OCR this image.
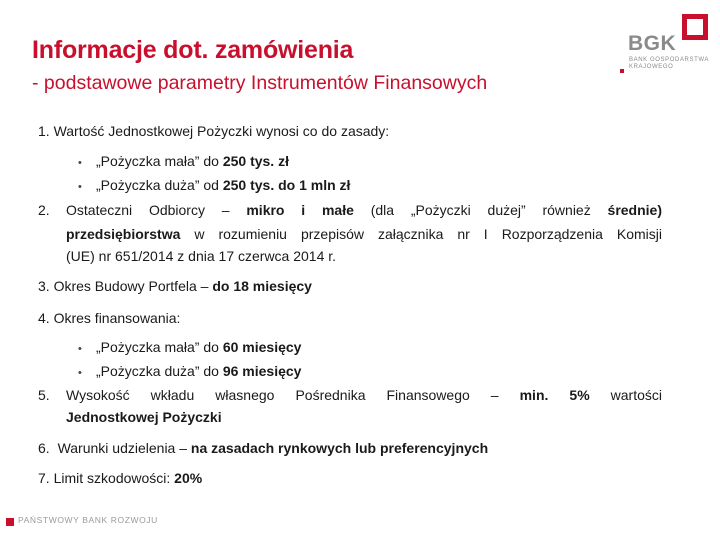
Informacje dot. zamówienia
- podstawowe parametry Instrumentów Finansowych
BGK
BANK GOSPODARSTWA
KRAJOWEGO
1. Wartość Jednostkowej Pożyczki wynosi co do zasady:
• „Pożyczka mała” do 250 tys. zł
• „Pożyczka duża” od 250 tys. do 1 mln zł
2. Ostateczni Odbiorcy – mikro i małe (dla „Pożyczki dużej” również średnie)
przedsiębiorstwa w rozumieniu przepisów załącznika nr I Rozporządzenia Komisji
(UE) nr 651/2014 z dnia 17 czerwca 2014 r.
3. Okres Budowy Portfela – do 18 miesięcy
4. Okres finansowania:
• „Pożyczka mała” do 60 miesięcy
• „Pożyczka duża” do 96 miesięcy
5. Wysokość wkładu własnego Pośrednika Finansowego – min. 5% wartości
Jednostkowej Pożyczki
6. Warunki udzielenia – na zasadach rynkowych lub preferencyjnych
7. Limit szkodowości: 20%
PAŃSTWOWY BANK ROZWOJU
